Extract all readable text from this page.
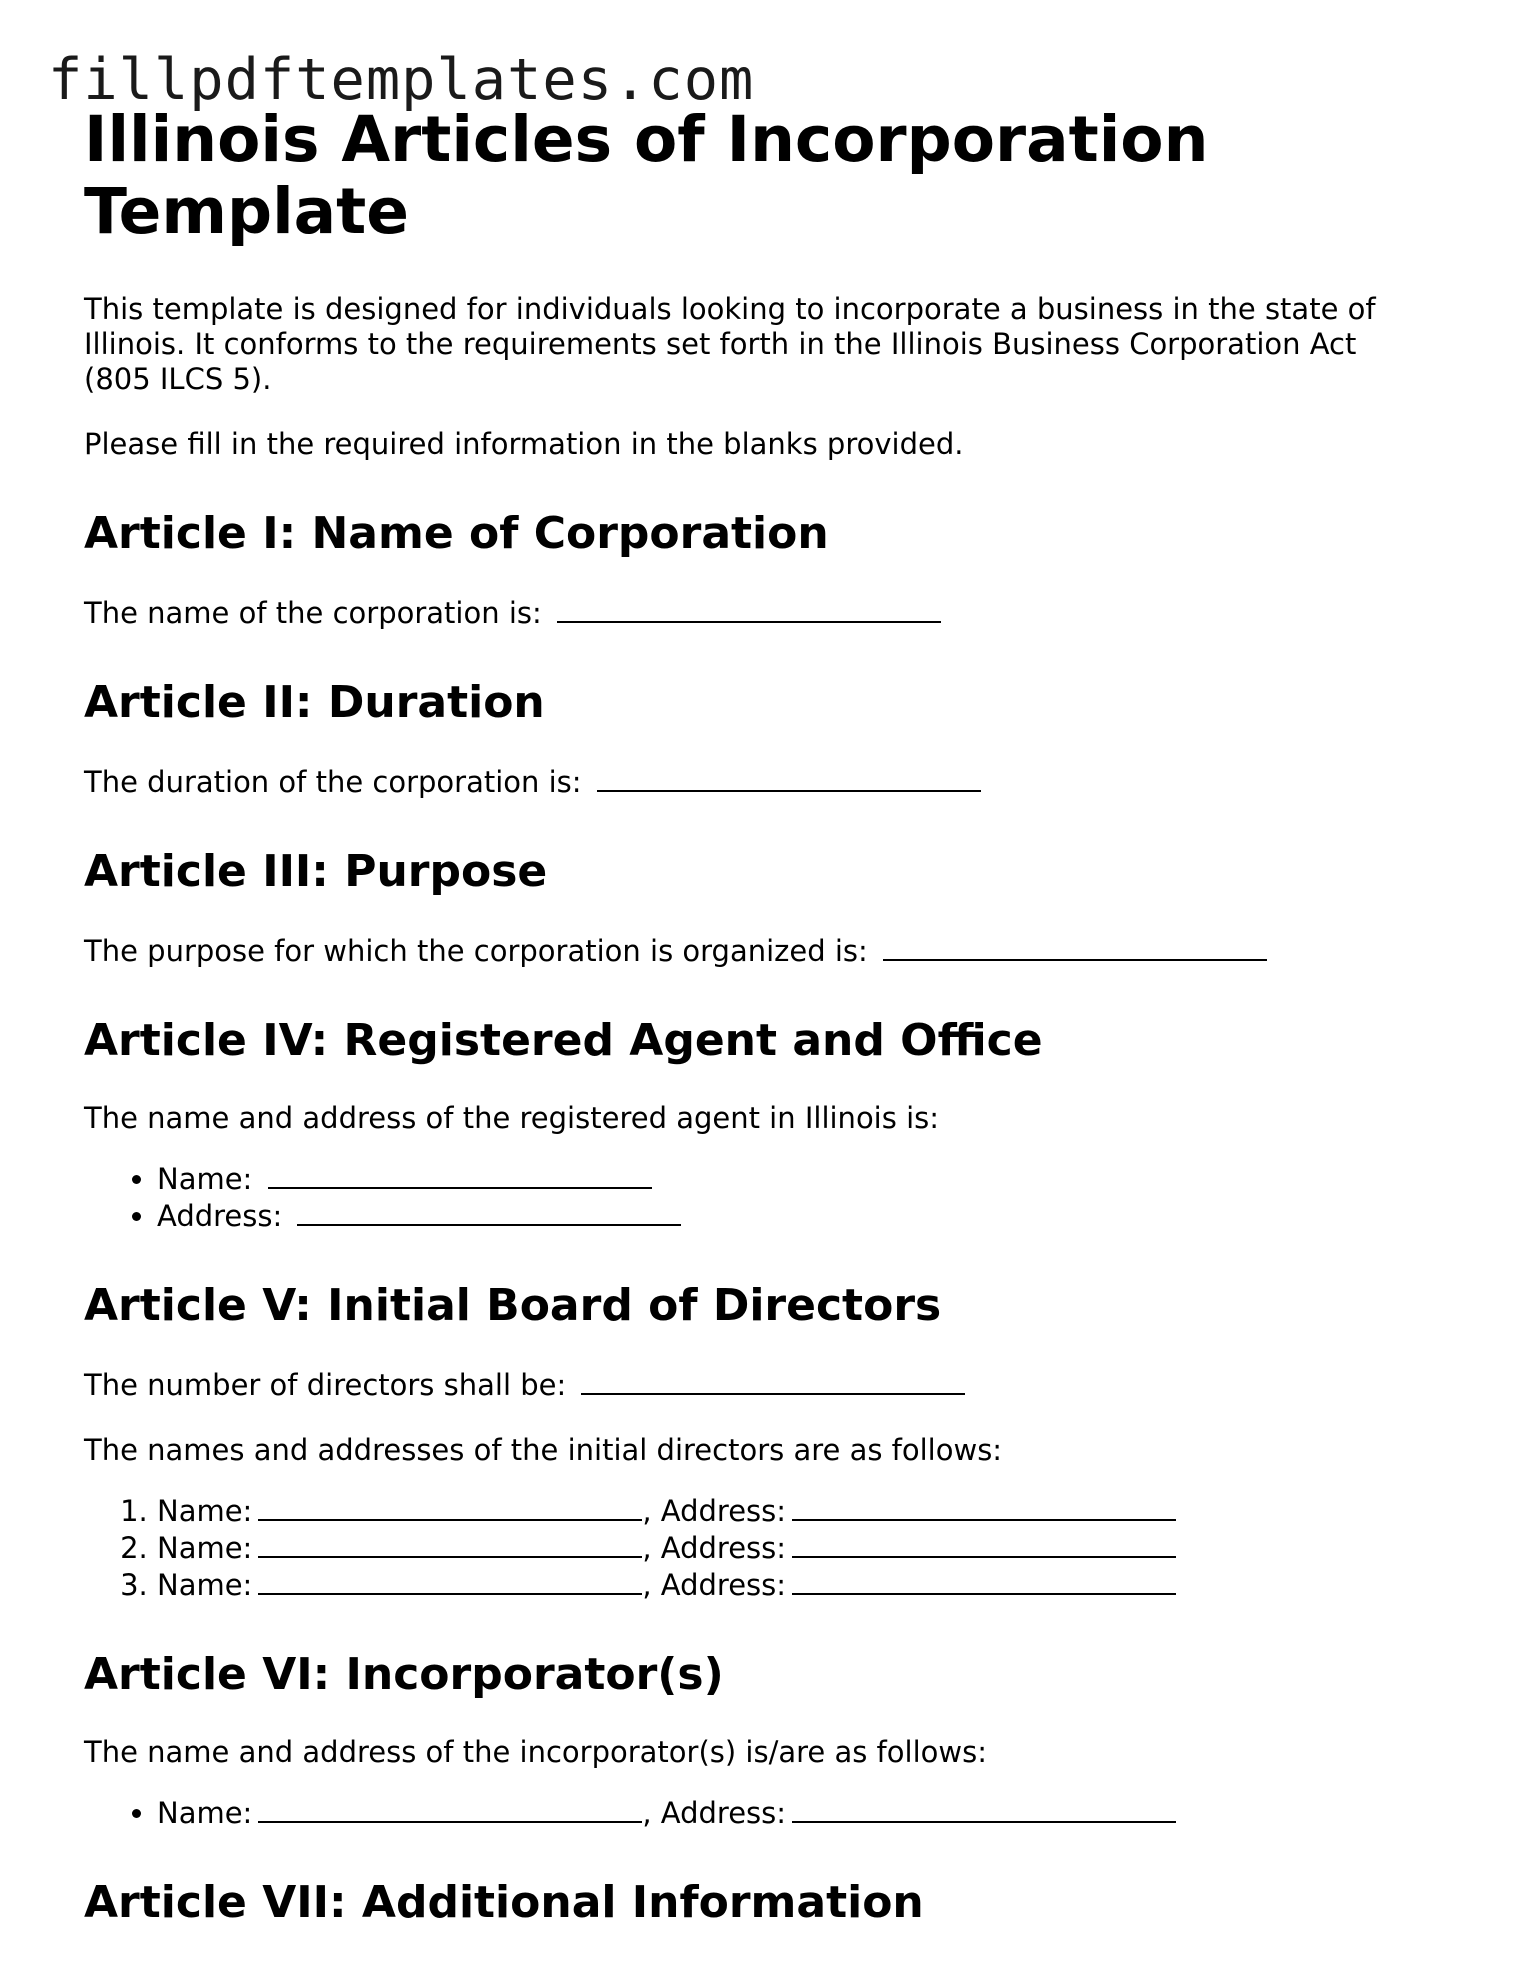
fillpdftemplates.com
Illinois Articles of Incorporation Template

This template is designed for individuals looking to incorporate a business in the state of Illinois. It conforms to the requirements set forth in the Illinois Business Corporation Act (805 ILCS 5).

Please fill in the required information in the blanks provided.

Article I: Name of Corporation

The name of the corporation is:

Article II: Duration

The duration of the corporation is:

Article III: Purpose

The purpose for which the corporation is organized is:

Article IV: Registered Agent and Office

The name and address of the registered agent in Illinois is:

• Name:
• Address:
Article V: Initial Board of Directors

The number of directors shall be:

The names and addresses of the initial directors are as follows:

1. Name:	, Address:
2. Name:	, Address:
3. Name:	, Address:
Article VI: Incorporator(s)

The name and address of the incorporator(s) is/are as follows:

• Name:	, Address:
Article VII: Additional Information
